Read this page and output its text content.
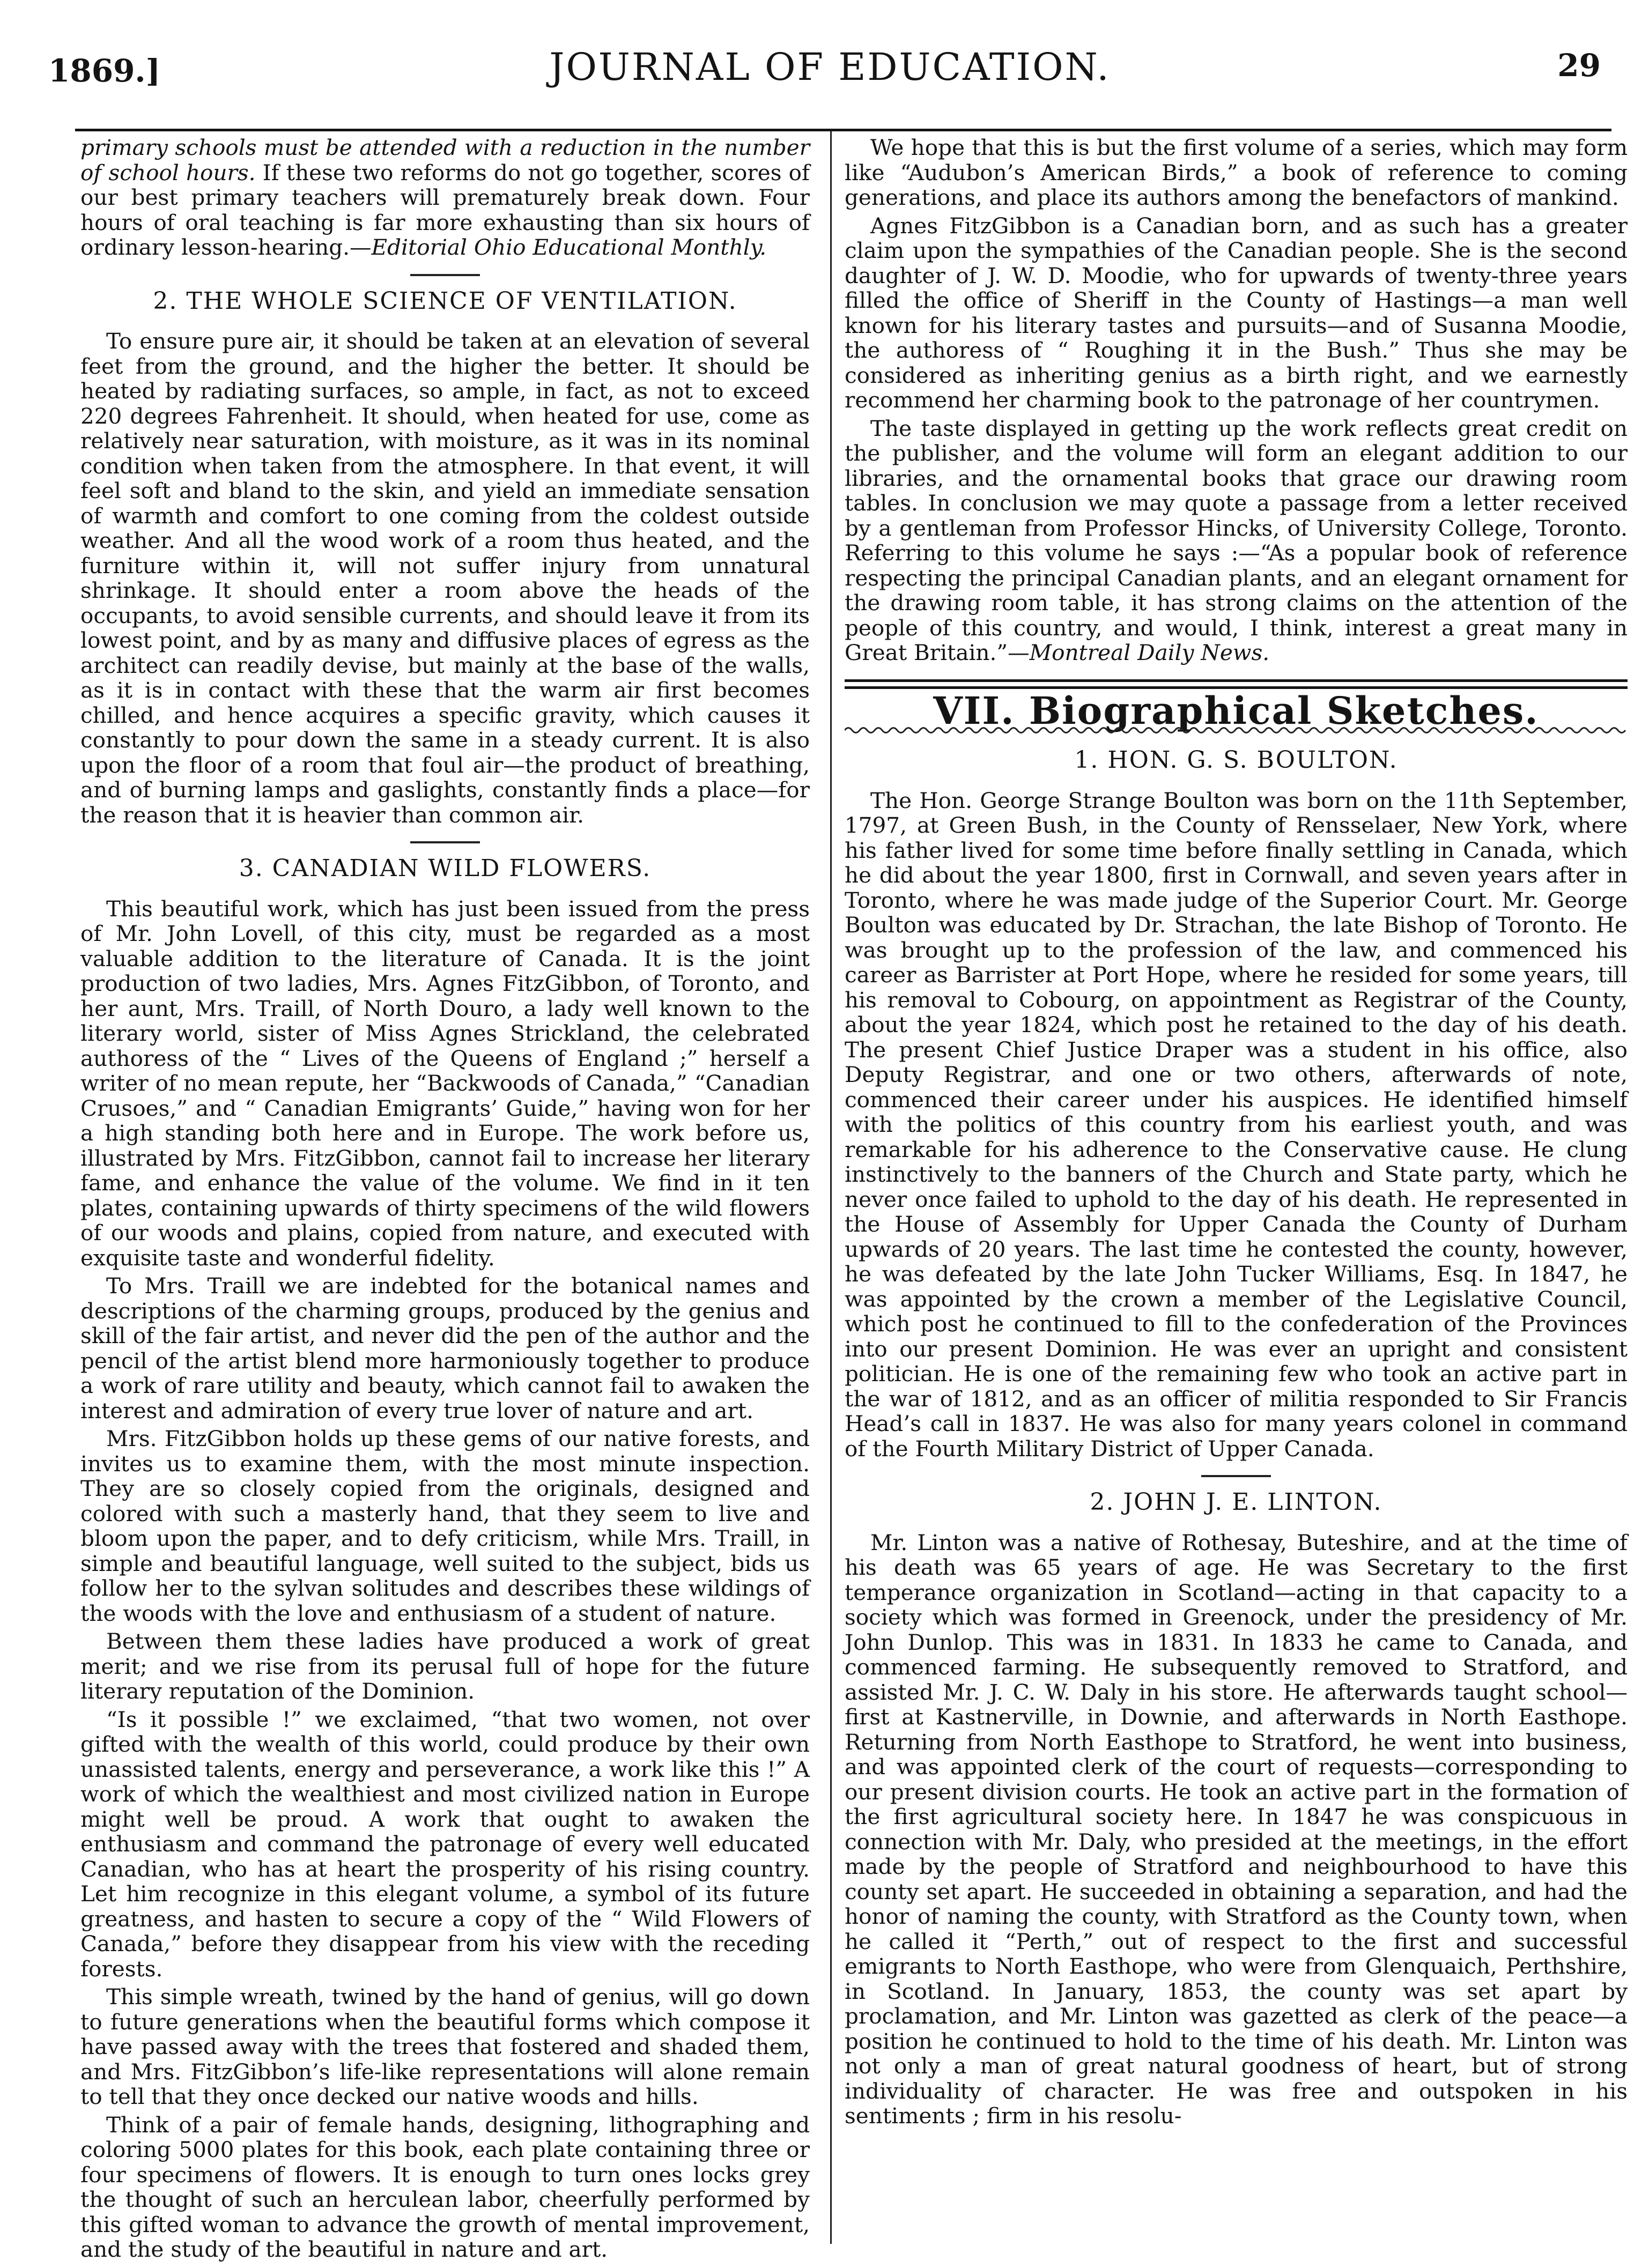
1869.]	JOURNAL OF EDUCATION.	29

primary schools must be attended with a reduction in the number of school hours. If these two reforms do not go together, scores of our best primary teachers will prematurely break down. Four hours of oral teaching is far more exhausting than six hours of ordinary lesson-hearing.—Editorial Ohio Educational Monthly.

2. THE WHOLE SCIENCE OF VENTILATION.

To ensure pure air, it should be taken at an elevation of several feet from the ground, and the higher the better. It should be heated by radiating surfaces, so ample, in fact, as not to exceed 220 degrees Fahrenheit. It should, when heated for use, come as relatively near saturation, with moisture, as it was in its nominal condition when taken from the atmosphere. In that event, it will feel soft and bland to the skin, and yield an immediate sensation of warmth and comfort to one coming from the coldest outside weather. And all the wood work of a room thus heated, and the furniture within it, will not suffer injury from unnatural shrinkage. It should enter a room above the heads of the occupants, to avoid sensible currents, and should leave it from its lowest point, and by as many and diffusive places of egress as the architect can readily devise, but mainly at the base of the walls, as it is in contact with these that the warm air first becomes chilled, and hence acquires a specific gravity, which causes it constantly to pour down the same in a steady current. It is also upon the floor of a room that foul air—the product of breathing, and of burning lamps and gaslights, constantly finds a place—for the reason that it is heavier than common air.

3. CANADIAN WILD FLOWERS.

This beautiful work, which has just been issued from the press of Mr. John Lovell, of this city, must be regarded as a most valuable addition to the literature of Canada. It is the joint production of two ladies, Mrs. Agnes FitzGibbon, of Toronto, and her aunt, Mrs. Traill, of North Douro, a lady well known to the literary world, sister of Miss Agnes Strickland, the celebrated authoress of the “ Lives of the Queens of England ;” herself a writer of no mean repute, her “Backwoods of Canada,” “Canadian Crusoes,” and “ Canadian Emigrants’ Guide,” having won for her a high standing both here and in Europe. The work before us, illustrated by Mrs. FitzGibbon, cannot fail to increase her literary fame, and enhance the value of the volume. We find in it ten plates, containing upwards of thirty specimens of the wild flowers of our woods and plains, copied from nature, and executed with exquisite taste and wonderful fidelity.

To Mrs. Traill we are indebted for the botanical names and descriptions of the charming groups, produced by the genius and skill of the fair artist, and never did the pen of the author and the pencil of the artist blend more harmoniously together to produce a work of rare utility and beauty, which cannot fail to awaken the interest and admiration of every true lover of nature and art.

Mrs. FitzGibbon holds up these gems of our native forests, and invites us to examine them, with the most minute inspection. They are so closely copied from the originals, designed and colored with such a masterly hand, that they seem to live and bloom upon the paper, and to defy criticism, while Mrs. Traill, in simple and beautiful language, well suited to the subject, bids us follow her to the sylvan solitudes and describes these wildings of the woods with the love and enthusiasm of a student of nature.

Between them these ladies have produced a work of great merit; and we rise from its perusal full of hope for the future literary reputation of the Dominion.

“Is it possible !” we exclaimed, “that two women, not over gifted with the wealth of this world, could produce by their own unassisted talents, energy and perseverance, a work like this !” A work of which the wealthiest and most civilized nation in Europe might well be proud. A work that ought to awaken the enthusiasm and command the patronage of every well educated Canadian, who has at heart the prosperity of his rising country. Let him recognize in this elegant volume, a symbol of its future greatness, and hasten to secure a copy of the “ Wild Flowers of Canada,” before they disappear from his view with the receding forests.

This simple wreath, twined by the hand of genius, will go down to future generations when the beautiful forms which compose it have passed away with the trees that fostered and shaded them, and Mrs. FitzGibbon’s life-like representations will alone remain to tell that they once decked our native woods and hills.

Think of a pair of female hands, designing, lithographing and coloring 5000 plates for this book, each plate containing three or four specimens of flowers. It is enough to turn ones locks grey the thought of such an herculean labor, cheerfully performed by this gifted woman to advance the growth of mental improvement, and the study of the beautiful in nature and art.

We hope that this is but the first volume of a series, which may form like “Audubon’s American Birds,” a book of reference to coming generations, and place its authors among the benefactors of mankind.

Agnes FitzGibbon is a Canadian born, and as such has a greater claim upon the sympathies of the Canadian people. She is the second daughter of J. W. D. Moodie, who for upwards of twenty-three years filled the office of Sheriff in the County of Hastings—a man well known for his literary tastes and pursuits—and of Susanna Moodie, the authoress of “ Roughing it in the Bush.” Thus she may be considered as inheriting genius as a birth right, and we earnestly recommend her charming book to the patronage of her countrymen.

The taste displayed in getting up the work reflects great credit on the publisher, and the volume will form an elegant addition to our libraries, and the ornamental books that grace our drawing room tables. In conclusion we may quote a passage from a letter received by a gentleman from Professor Hincks, of University College, Toronto. Referring to this volume he says :—“As a popular book of reference respecting the principal Canadian plants, and an elegant ornament for the drawing room table, it has strong claims on the attention of the people of this country, and would, I think, interest a great many in Great Britain.”—Montreal Daily News.

VII. Biographical Sketches.
1. HON. G. S. BOULTON.

The Hon. George Strange Boulton was born on the 11th September, 1797, at Green Bush, in the County of Rensselaer, New York, where his father lived for some time before finally settling in Canada, which he did about the year 1800, first in Cornwall, and seven years after in Toronto, where he was made judge of the Superior Court. Mr. George Boulton was educated by Dr. Strachan, the late Bishop of Toronto. He was brought up to the profession of the law, and commenced his career as Barrister at Port Hope, where he resided for some years, till his removal to Cobourg, on appointment as Registrar of the County, about the year 1824, which post he retained to the day of his death. The present Chief Justice Draper was a student in his office, also Deputy Registrar, and one or two others, afterwards of note, commenced their career under his auspices. He identified himself with the politics of this country from his earliest youth, and was remarkable for his adherence to the Conservative cause. He clung instinctively to the banners of the Church and State party, which he never once failed to uphold to the day of his death. He represented in the House of Assembly for Upper Canada the County of Durham upwards of 20 years. The last time he contested the county, however, he was defeated by the late John Tucker Williams, Esq. In 1847, he was appointed by the crown a member of the Legislative Council, which post he continued to fill to the confederation of the Provinces into our present Dominion. He was ever an upright and consistent politician. He is one of the remaining few who took an active part in the war of 1812, and as an officer of militia responded to Sir Francis Head’s call in 1837. He was also for many years colonel in command of the Fourth Military District of Upper Canada.

2. JOHN J. E. LINTON.

Mr. Linton was a native of Rothesay, Buteshire, and at the time of his death was 65 years of age. He was Secretary to the first temperance organization in Scotland—acting in that capacity to a society which was formed in Greenock, under the presidency of Mr. John Dunlop. This was in 1831. In 1833 he came to Canada, and commenced farming. He subsequently removed to Stratford, and assisted Mr. J. C. W. Daly in his store. He afterwards taught school—first at Kastnerville, in Downie, and afterwards in North Easthope. Returning from North Easthope to Stratford, he went into business, and was appointed clerk of the court of requests—corresponding to our present division courts. He took an active part in the formation of the first agricultural society here. In 1847 he was conspicuous in connection with Mr. Daly, who presided at the meetings, in the effort made by the people of Stratford and neighbourhood to have this county set apart. He succeeded in obtaining a separation, and had the honor of naming the county, with Stratford as the County town, when he called it “Perth,” out of respect to the first and successful emigrants to North Easthope, who were from Glenquaich, Perthshire, in Scotland. In January, 1853, the county was set apart by proclamation, and Mr. Linton was gazetted as clerk of the peace—a position he continued to hold to the time of his death. Mr. Linton was not only a man of great natural goodness of heart, but of strong individuality of character. He was free and outspoken in his sentiments ; firm in his resolu-
